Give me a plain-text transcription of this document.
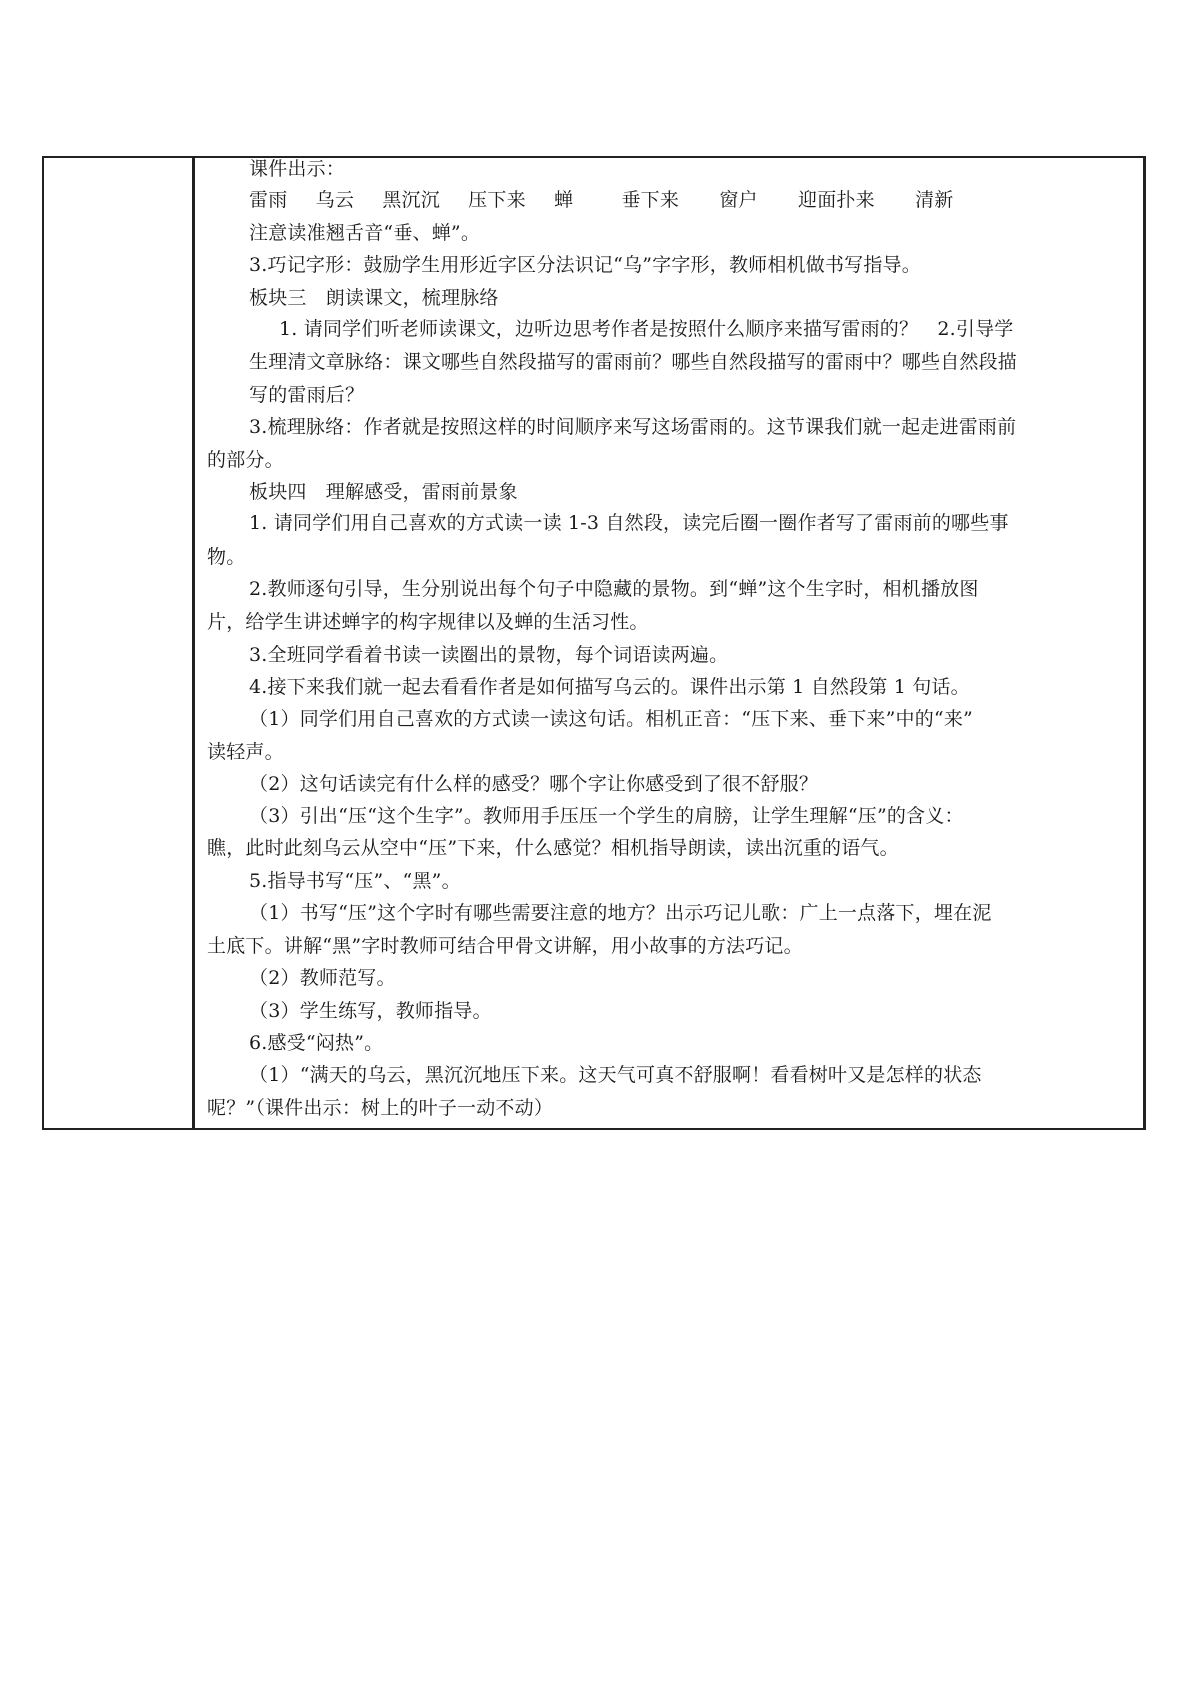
课件出示：
雷雨 乌云 黑沉沉 压下来 蝉	垂下来 窗户 迎面扑来 清新
注意读准翘舌音“垂、蝉”。
3.巧记字形：鼓励学生用形近字区分法识记“乌”字字形，教师相机做书写指导。
板块三　朗读课文，梳理脉络
1. 请同学们听老师读课文，边听边思考作者是按照什么顺序来描写雷雨的？　2.引导学
生理清文章脉络：课文哪些自然段描写的雷雨前？哪些自然段描写的雷雨中？哪些自然段描
写的雷雨后？
3.梳理脉络：作者就是按照这样的时间顺序来写这场雷雨的。这节课我们就一起走进雷雨前
的部分。
板块四　理解感受，雷雨前景象
1. 请同学们用自己喜欢的方式读一读 1-3 自然段，读完后圈一圈作者写了雷雨前的哪些事
物。
2.教师逐句引导，生分别说出每个句子中隐藏的景物。到“蝉”这个生字时，相机播放图
片，给学生讲述蝉字的构字规律以及蝉的生活习性。
3.全班同学看着书读一读圈出的景物，每个词语读两遍。
4.接下来我们就一起去看看作者是如何描写乌云的。课件出示第 1 自然段第 1 句话。
（1）同学们用自己喜欢的方式读一读这句话。相机正音：“压下来、垂下来”中的“来”
读轻声。
（2）这句话读完有什么样的感受？哪个字让你感受到了很不舒服？
（3）引出“压“这个生字”。教师用手压压一个学生的肩膀，让学生理解“压”的含义：
瞧，此时此刻乌云从空中“压”下来，什么感觉？相机指导朗读，读出沉重的语气。
5.指导书写“压”、“黑”。
（1）书写“压”这个字时有哪些需要注意的地方？出示巧记儿歌：广上一点落下，埋在泥
土底下。讲解“黑”字时教师可结合甲骨文讲解，用小故事的方法巧记。
（2）教师范写。
（3）学生练写，教师指导。
6.感受“闷热”。
（1）“满天的乌云，黑沉沉地压下来。这天气可真不舒服啊！看看树叶又是怎样的状态
呢？”（课件出示：树上的叶子一动不动）
